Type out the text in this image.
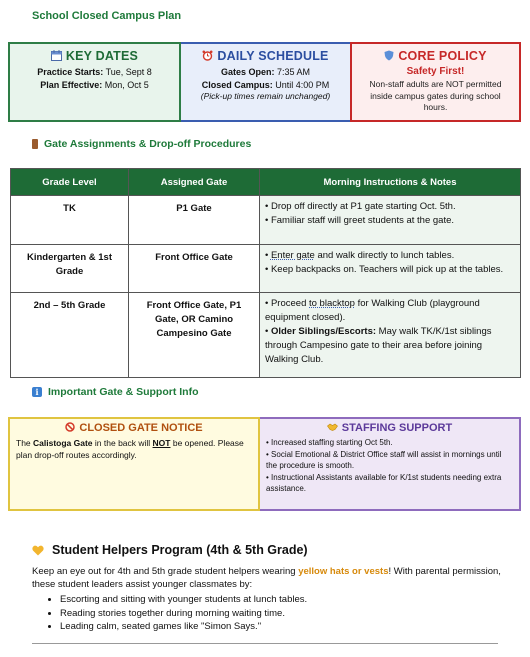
School Closed Campus Plan
KEY DATES
Practice Starts: Tue, Sept 8
Plan Effective: Mon, Oct 5
DAILY SCHEDULE
Gates Open: 7:35 AM
Closed Campus: Until 4:00 PM
(Pick-up times remain unchanged)
CORE POLICY
Safety First!
Non-staff adults are NOT permitted inside campus gates during school hours.
Gate Assignments & Drop-off Procedures
Grade Level	Assigned Gate	Morning Instructions & Notes
TK	P1 Gate	• Drop off directly at P1 gate starting Oct. 5th.
• Familiar staff will greet students at the gate.

Kindergarten & 1st Grade	Front Office Gate	• Enter gate and walk directly to lunch tables.
• Keep backpacks on. Teachers will pick up at the tables.

2nd – 5th Grade	Front Office Gate, P1 Gate, OR Camino Campesino Gate	• Proceed to blacktop for Walking Club (playground equipment closed).
• Older Siblings/Escorts: May walk TK/K/1st siblings through Campesino gate to their area before joining Walking Club.
i Important Gate & Support Info
CLOSED GATE NOTICE
The Calistoga Gate in the back will NOT be opened. Please plan drop-off routes accordingly.
STAFFING SUPPORT
• Increased staffing starting Oct 5th.
• Social Emotional & District Office staff will assist in mornings until the procedure is smooth.
• Instructional Assistants available for K/1st students needing extra assistance.
Student Helpers Program (4th & 5th Grade)
Keep an eye out for 4th and 5th grade student helpers wearing yellow hats or vests! With parental permission, these student leaders assist younger classmates by:
• Escorting and sitting with younger students at lunch tables.
• Reading stories together during morning waiting time.
• Leading calm, seated games like "Simon Says."
